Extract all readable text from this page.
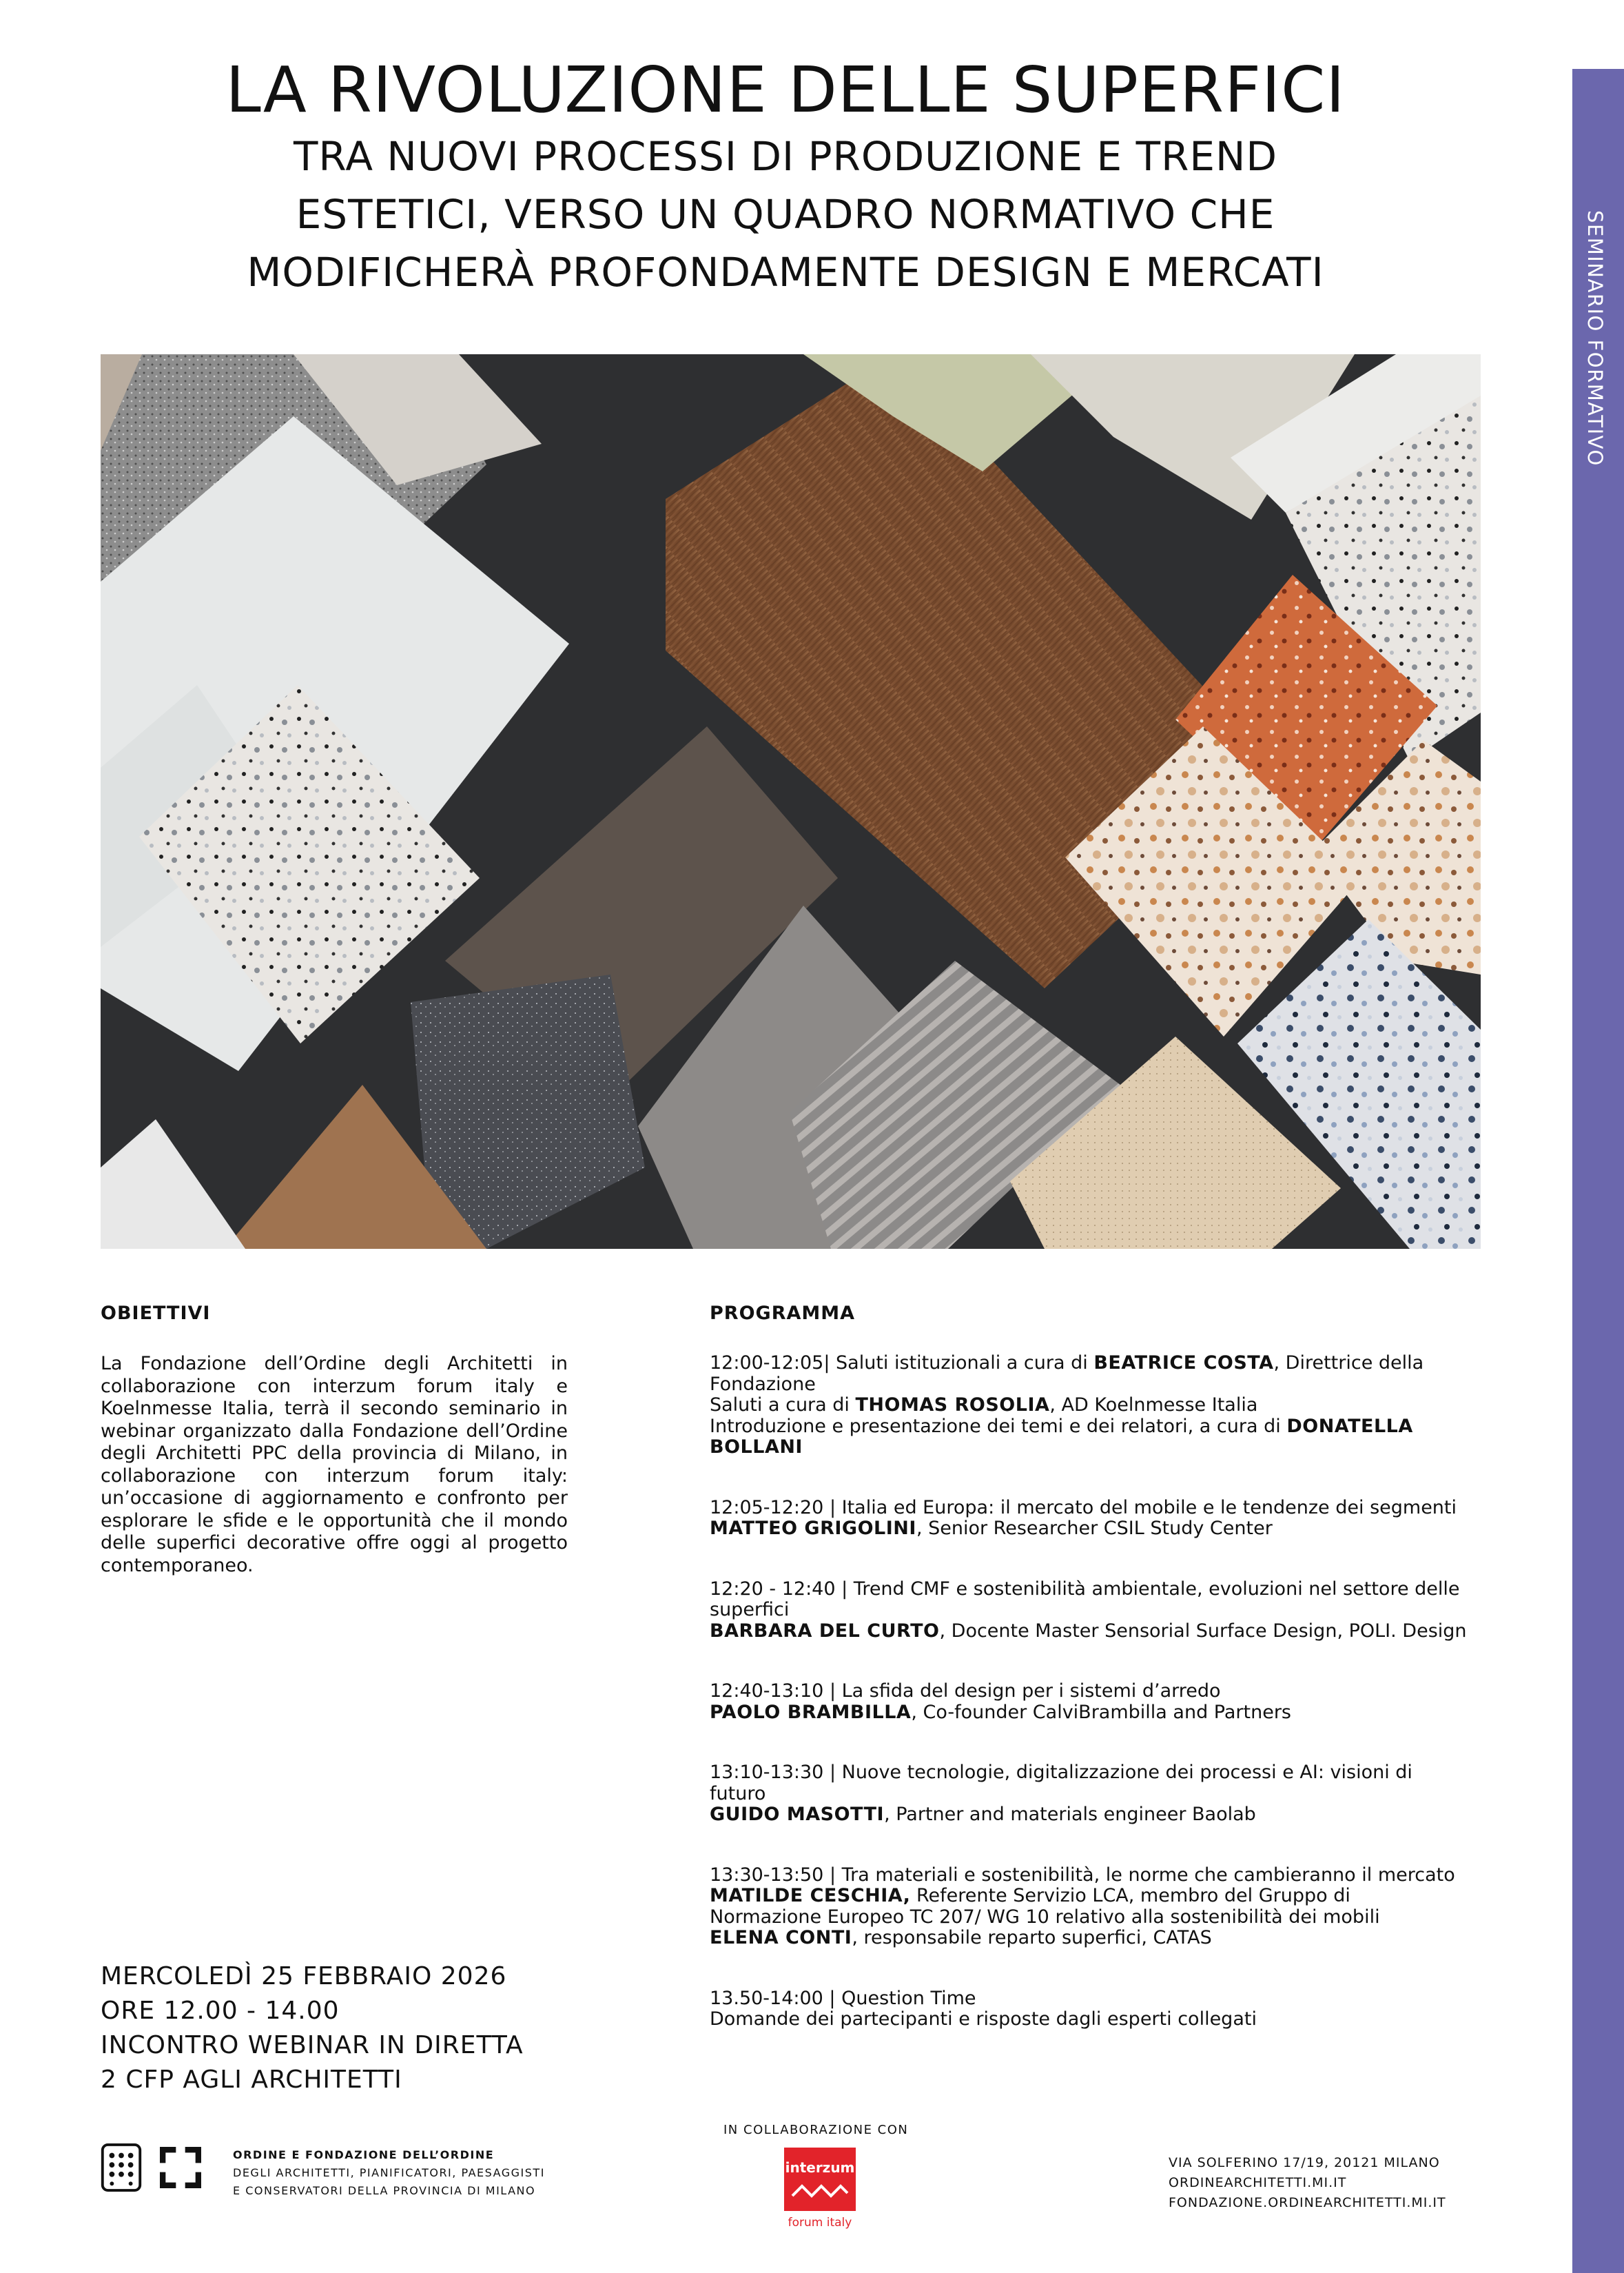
SEMINARIO FORMATIVO
LA RIVOLUZIONE DELLE SUPERFICI
TRA NUOVI PROCESSI DI PRODUZIONE E TREND
ESTETICI, VERSO UN QUADRO NORMATIVO CHE
MODIFICHERÀ PROFONDAMENTE DESIGN E MERCATI
OBIETTIVI
La Fondazione dell’Ordine degli Architetti in collaborazione con interzum forum italy e Koelnmesse Italia, terrà il secondo seminario in webinar organizzato dalla Fondazione dell’Ordine degli Architetti PPC della provincia di Milano, in collaborazione con interzum forum italy: un’occasione di aggiornamento e confronto per esplorare le sfide e le opportunità che il mondo delle superfici decorative offre oggi al progetto contemporaneo.
PROGRAMMA
12:00-12:05| Saluti istituzionali a cura di BEATRICE COSTA, Direttrice della Fondazione
Saluti a cura di THOMAS ROSOLIA, AD Koelnmesse Italia
Introduzione e presentazione dei temi e dei relatori, a cura di DONATELLA BOLLANI
12:05-12:20 | Italia ed Europa: il mercato del mobile e le tendenze dei segmenti
MATTEO GRIGOLINI, Senior Researcher CSIL Study Center
12:20 - 12:40 | Trend CMF e sostenibilità ambientale, evoluzioni nel settore delle superfici
BARBARA DEL CURTO, Docente Master Sensorial Surface Design, POLI. Design
12:40-13:10 | La sfida del design per i sistemi d’arredo
PAOLO BRAMBILLA, Co-founder CalviBrambilla and Partners
13:10-13:30 | Nuove tecnologie, digitalizzazione dei processi e AI: visioni di futuro
GUIDO MASOTTI, Partner and materials engineer Baolab
13:30-13:50 | Tra materiali e sostenibilità, le norme che cambieranno il mercato
MATILDE CESCHIA, Referente Servizio LCA, membro del Gruppo di Normazione Europeo TC 207/ WG 10 relativo alla sostenibilità dei mobili
ELENA CONTI, responsabile reparto superfici, CATAS
13.50-14:00 | Question Time
Domande dei partecipanti e risposte dagli esperti collegati
MERCOLEDÌ 25 FEBBRAIO 2026
ORE 12.00 - 14.00
INCONTRO WEBINAR IN DIRETTA
2 CFP AGLI ARCHITETTI
ORDINE E FONDAZIONE DELL’ORDINE
DEGLI ARCHITETTI, PIANIFICATORI, PAESAGGISTI
E CONSERVATORI DELLA PROVINCIA DI MILANO
IN COLLABORAZIONE CON
interzum
forum italy
VIA SOLFERINO 17/19, 20121 MILANO
ORDINEARCHITETTI.MI.IT
FONDAZIONE.ORDINEARCHITETTI.MI.IT
